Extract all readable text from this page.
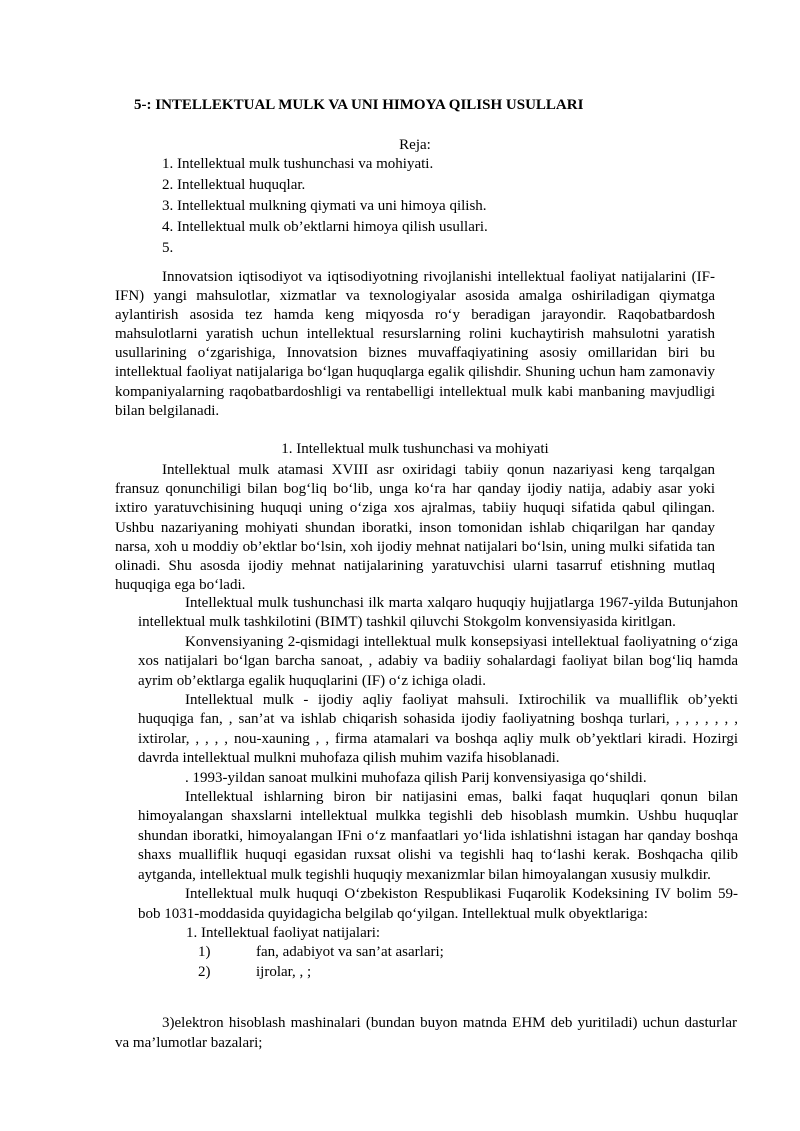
5-: INTELLEKTUAL MULK VA UNI HIMOYA QILISH USULLARI
Reja:
1. Intellektual mulk tushunchasi va mohiyati.
2. Intellektual huquqlar.
3. Intellektual mulkning qiymati va uni himoya qilish.
4. Intellektual mulk ob’ektlarni himoya qilish usullari.
5.

Innovatsion iqtisodiyot va iqtisodiyotning rivojlanishi intellektual faoliyat natijalarini (IF-IFN) yangi mahsulotlar, xizmatlar va texnologiyalar asosida amalga oshiriladigan qiymatga aylantirish asosida tez hamda keng miqyosda ro‘y beradigan jarayondir. Raqobatbardosh mahsulotlarni yaratish uchun intellektual resurslarning rolini kuchaytirish mahsulotni yaratish usullarining o‘zgarishiga, Innovatsion biznes muvaffaqiyatining asosiy omillaridan biri bu intellektual faoliyat natijalariga bo‘lgan huquqlarga egalik qilishdir. Shuning uchun ham zamonaviy kompaniyalarning raqobatbardoshligi va rentabelligi intellektual mulk kabi manbaning mavjudligi bilan belgilanadi.

1. Intellektual mulk tushunchasi va mohiyati

Intellektual mulk atamasi XVIII asr oxiridagi tabiiy qonun nazariyasi keng tarqalgan fransuz qonunchiligi bilan bog‘liq bo‘lib, unga ko‘ra har qanday ijodiy natija, adabiy asar yoki ixtiro yaratuvchisining huquqi uning o‘ziga xos ajralmas, tabiiy huquqi sifatida qabul qilingan. Ushbu nazariyaning mohiyati shundan iboratki, inson tomonidan ishlab chiqarilgan har qanday narsa, xoh u moddiy ob’ektlar bo‘lsin, xoh ijodiy mehnat natijalari bo‘lsin, uning mulki sifatida tan olinadi. Shu asosda ijodiy mehnat natijalarining yaratuvchisi ularni tasarruf etishning mutlaq huquqiga ega bo‘ladi.

Intellektual mulk tushunchasi ilk marta xalqaro huquqiy hujjatlarga 1967-yilda Butunjahon intellektual mulk tashkilotini (BIMT) tashkil qiluvchi Stokgolm konvensiyasida kiritlgan.

Konvensiyaning 2-qismidagi intellektual mulk konsepsiyasi intellektual faoliyatning o‘ziga xos natijalari bo‘lgan barcha sanoat, , adabiy va badiiy sohalardagi faoliyat bilan bog‘liq hamda ayrim ob’ektlarga egalik huquqlarini (IF) o‘z ichiga oladi.

Intellektual mulk - ijodiy aqliy faoliyat mahsuli. Ixtirochilik va mualliflik ob’yekti huquqiga fan, , san’at va ishlab chiqarish sohasida ijodiy faoliyatning boshqa turlari, , , , , , , , ixtirolar, , , , , nou-xauning , , firma atamalari va boshqa aqliy mulk ob’yektlari kiradi. Hozirgi davrda intellektual mulkni muhofaza qilish muhim vazifa hisoblanadi.

. 1993-yildan sanoat mulkini muhofaza qilish Parij konvensiyasiga qo‘shildi.

Intellektual ishlarning biron bir natijasini emas, balki faqat huquqlari qonun bilan himoyalangan shaxslarni intellektual mulkka tegishli deb hisoblash mumkin. Ushbu huquqlar shundan iboratki, himoyalangan IFni o‘z manfaatlari yo‘lida ishlatishni istagan har qanday boshqa shaxs mualliflik huquqi egasidan ruxsat olishi va tegishli haq to‘lashi kerak. Boshqacha qilib aytganda, intellektual mulk tegishli huquqiy mexanizmlar bilan himoyalangan xususiy mulkdir.

Intellektual mulk huquqi O‘zbekiston Respublikasi Fuqarolik Kodeksining IV bolim 59-bob 1031-moddasida quyidagicha belgilab qo‘yilgan. Intellektual mulk obyektlariga:

1. Intellektual faoliyat natijalari:
1)	fan, adabiyot va san’at asarlari;
2)	ijrolar, , ;

3)elektron hisoblash mashinalari (bundan buyon matnda EHM deb yuritiladi) uchun dasturlar va ma’lumotlar bazalari;
